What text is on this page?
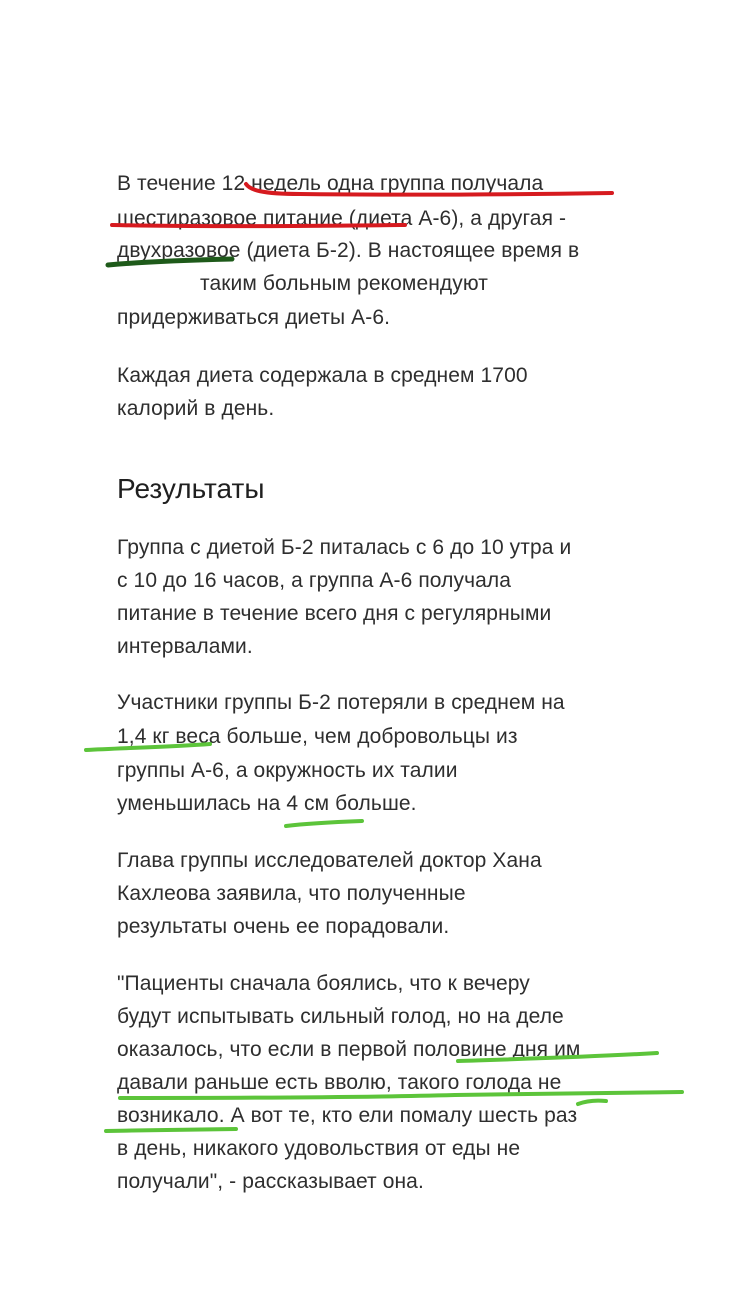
В течение 12 недель одна группа получала
шестиразовое питание (диета А-6), а другая -
двухразовое (диета Б-2). В настоящее время в
таким больным рекомендуют
придерживаться диеты А-6.
Каждая диета содержала в среднем 1700
калорий в день.
Результаты
Группа с диетой Б-2 питалась с 6 до 10 утра и
с 10 до 16 часов, а группа А-6 получала
питание в течение всего дня с регулярными
интервалами.
Участники группы Б-2 потеряли в среднем на
1,4 кг веса больше, чем добровольцы из
группы А-6, а окружность их талии
уменьшилась на 4 см больше.
Глава группы исследователей доктор Хана
Кахлеова заявила, что полученные
результаты очень ее порадовали.
"Пациенты сначала боялись, что к вечеру
будут испытывать сильный голод, но на деле
оказалось, что если в первой половине дня им
давали раньше есть вволю, такого голода не
возникало. А вот те, кто ели помалу шесть раз
в день, никакого удовольствия от еды не
получали", - рассказывает она.
